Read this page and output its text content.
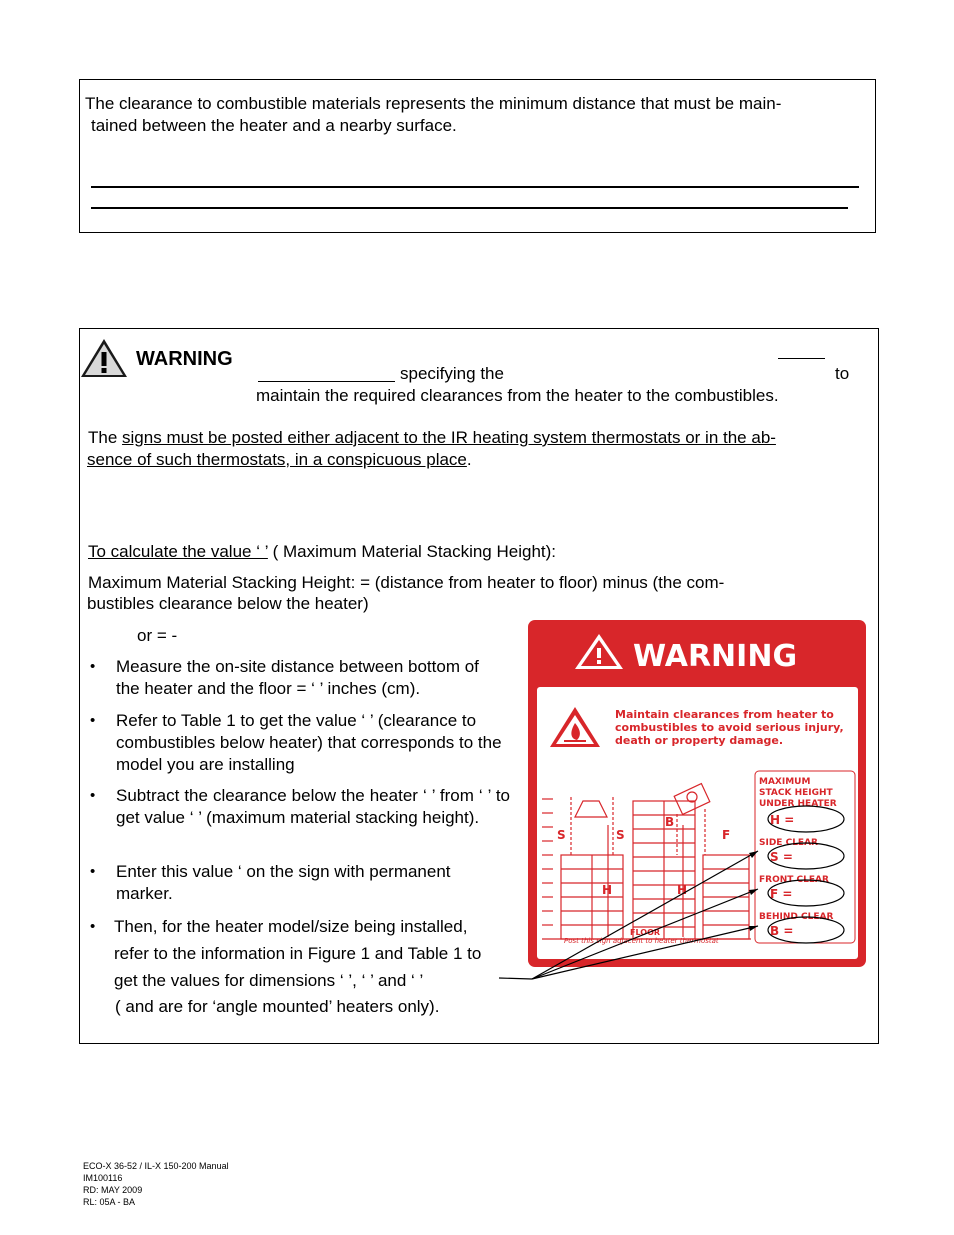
The clearance to combustible materials represents the minimum distance that must be main-
tained between the heater and a nearby surface.
WARNING
specifying the	to
maintain the required clearances from the heater to the combustibles.
The signs must be posted either adjacent to the IR heating system thermostats or in the ab-
sence of such thermostats, in a conspicuous place.
To calculate the value ‘ ’ ( Maximum Material Stacking Height):
Maximum Material Stacking Height: = (distance from heater to floor) minus (the com-
bustibles clearance below the heater)
or = -
• Measure the on-site distance between bottom of the heater and the floor = ‘ ’ inches (cm).
• Refer to Table 1 to get the value ‘ ’ (clearance to combustibles below heater) that corresponds to the model you are installing
• Subtract the clearance below the heater ‘ ’ from ‘ ’ to get value ‘ ’ (maximum material stacking height).
• Enter this value ‘ on the sign with permanent marker.
• Then, for the heater model/size being installed, refer to the information in Figure 1 and Table 1 to get the values for dimensions ‘ ’, ‘ ’ and ‘ ’
( and are for ‘angle mounted’ heaters only).
WARNING
Maintain clearances from heater to
combustibles to avoid serious injury,
death or property damage.
MAXIMUM
STACK HEIGHT
UNDER HEATER
H =
SIDE CLEAR
S =
FRONT CLEAR
F =
BEHIND CLEAR
B =
S	S
B
F
H	H
FLOOR
Post this sign adjacent to heater thermostat
ECO-X 36-52 / IL-X 150-200 Manual
IM100116
RD: MAY 2009
RL: 05A - BA
